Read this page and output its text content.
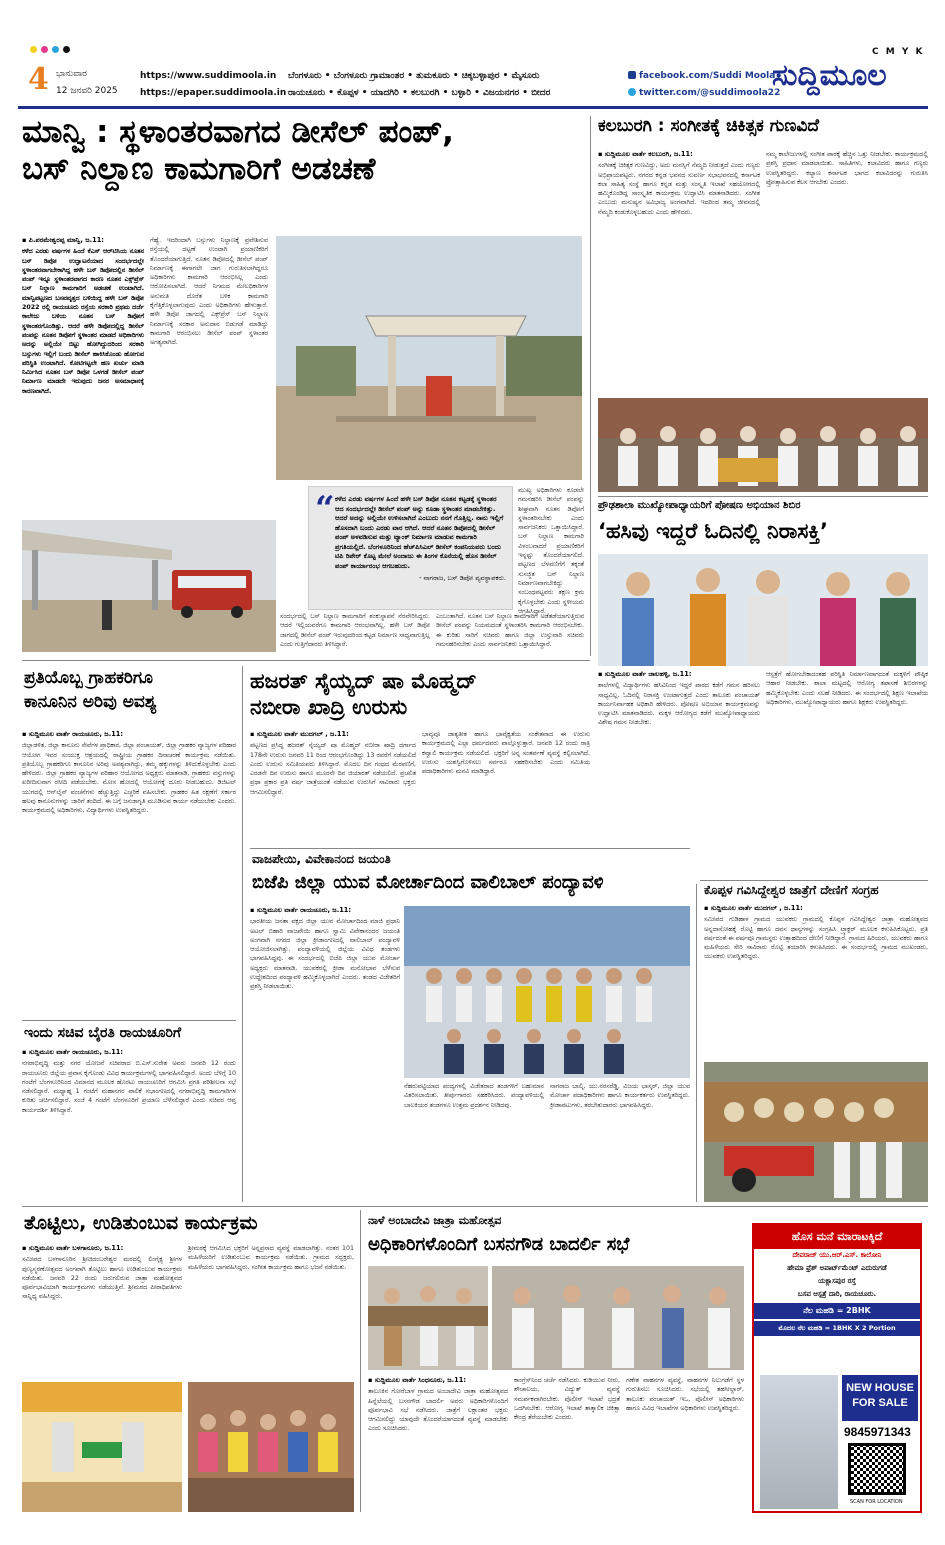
C M Y K
4 ಭಾನುವಾರ
12 ಜನವರಿ 2025
https://www.suddimoola.in
https://epaper.suddimoola.in
ಬೆಂಗಳೂರು • ಬೆಂಗಳೂರು ಗ್ರಾಮಾಂತರ • ತುಮಕೂರು • ಚಿಕ್ಕಬಳ್ಳಾಪುರ • ಮೈಸೂರು
ರಾಯಚೂರು • ಕೊಪ್ಪಳ • ಯಾದಗಿರಿ • ಕಲಬುರಗಿ • ಬಳ್ಳಾರಿ • ವಿಜಯನಗರ • ಬೀದರ
facebook.com/Suddi Moola
twitter.com/@suddimoola22
ಸುದ್ದಿಮೂಲ
ಮಾನ್ವಿ : ಸ್ಥಳಾಂತರವಾಗದ ಡೀಸೆಲ್ ಪಂಪ್,
ಬಸ್ ನಿಲ್ದಾಣ ಕಾಮಗಾರಿಗೆ ಅಡಚಣೆ

▪ ಪಿ.ಪರಮೇಶ್ವರಪ್ಪ ಮಾನ್ವಿ, ಜ.11:

ಕಳೆದ ಎರಡು ವರ್ಷಗಳ ಹಿಂದೆ ಕೆಎಸ್ ಆರ್‌ಟಿಸಿಯ ನೂತನ ಬಸ್ ಡಿಪೋ ಉದ್ಘಾಟನೆಯಾದ ಸಂದರ್ಭದಲ್ಲೇ ಸ್ಥಳಾಂತರವಾಗಬೇಕಾಗಿದ್ದ ಹಳೇ ಬಸ್ ಡಿಪೋದಲ್ಲಿನ ಡೀಸೆಲ್ ಪಂಪ್ ಇನ್ನೂ ಸ್ಥಳಾಂತರವಾಗದ ಕಾರಣ ನೂತನ ಎಕ್ಸ್‌ಪ್ರೆಸ್ ಬಸ್ ನಿಲ್ದಾಣ ಕಾಮಗಾರಿಗೆ ಅಡಚಣೆ ಉಂಟಾಗಿದೆ. ಮಾನ್ವಿಪಟ್ಟಣದ ಬಸವವೃತ್ತದ ಬಳಿಯಿದ್ದ ಹಳೇ ಬಸ್ ಡಿಪೋ 2022 ರಲ್ಲಿ ರಾಯಚೂರು ರಸ್ತೆಯ ಸರಕಾರಿ ಪ್ರಥಮ ದರ್ಜೆ ಕಾಲೇಜು ಬಳಿಯ ನೂತನ ಬಸ್ ಡಿಪೋಗೆ ಸ್ಥಳಾಂತರಗೊಂಡಿತ್ತು. ಆದರೆ ಹಳೇ ಡಿಪೋದಲ್ಲಿದ್ದ ಡೀಸೆಲ್ ಪಂಪನ್ನು ನೂತನ ಡಿಪೋಗೆ ಸ್ಥಳಾಂತರ ಮಾಡದೆ ಅಧಿಕಾರಿಗಳು ಅದನ್ನು ಅಲ್ಲಿಯೇ ಬಿಟ್ಟು ಹೋಗಿದ್ದುದರಿಂದ ಸರಕಾರಿ ಬಸ್ಸುಗಳು ಇಲ್ಲಿಗೆ ಬಂದು ಡೀಸೆಲ್ ಹಾಕಿಸಿಕೊಂಡು ಹೋಗುವ ಪರಿಸ್ಥಿತಿ ಉಂಟಾಗಿದೆ. ಕೋಟಿಗಟ್ಟಲೇ ಹಣ ಖರ್ಚು ಮಾಡಿ ನಿರ್ಮಿಸಿದ ನೂತನ ಬಸ್ ಡಿಪೋ ಒಳಗಡೆ ಡೀಸೆಲ್ ಪಂಪ್ ನಿರ್ಮಾಣ ಮಾಡದೇ ಇರುವುದು ಜನರ ಅಸಮಾಧಾನಕ್ಕೆ ಕಾರಣವಾಗಿದೆ.

ಗೆಹ್ಯೆ. ಇದರಿಂದಾಗಿ ಬಸ್ಸುಗಳು ನಿಲ್ದಾಣಕ್ಕೆ ಪ್ರವೇಶಿಸುವ ರಸ್ತೆಯಲ್ಲಿ ದಟ್ಟಣೆ ಉಂಟಾಗಿ ಪ್ರಯಾಣಿಕರಿಗೆ ತೊಂದರೆಯಾಗುತ್ತಿದೆ. ನೂತನ ಡಿಪೋದಲ್ಲಿ ಡೀಸೆಲ್ ಪಂಪ್ ನಿರ್ಮಾಣಕ್ಕೆ ಈಗಾಗಲೇ ಜಾಗ ಗುರುತಿಸಲಾಗಿದ್ದರೂ ಅಧಿಕಾರಿಗಳು ಕಾಮಗಾರಿ ಆರಂಭಿಸಿಲ್ಲ ಎಂದು ಆರೋಪಿಸಲಾಗಿದೆ. ಆದರೆ ನಿಗಮದ ಮೇಲಧಿಕಾರಿಗಳ ಅನುಮತಿ ದೊರೆತ ಬಳಿಕ ಕಾಮಗಾರಿ ಕೈಗೆತ್ತಿಕೊಳ್ಳಲಾಗುವುದು ಎಂದು ಅಧಿಕಾರಿಗಳು ಹೇಳುತ್ತಾರೆ. ಹಳೇ ಡಿಪೋ ಜಾಗದಲ್ಲಿ ಎಕ್ಸ್‌ಪ್ರೆಸ್ ಬಸ್ ನಿಲ್ದಾಣ ನಿರ್ಮಾಣಕ್ಕೆ ಸರಕಾರ ಅನುದಾನ ಬಿಡುಗಡೆ ಮಾಡಿದ್ದು ಕಾಮಗಾರಿ ಆರಂಭಿಸಲು ಡೀಸೆಲ್ ಪಂಪ್ ಸ್ಥಳಾಂತರ ಅಗತ್ಯವಾಗಿದೆ.

“ ಕಳೆದ ಎರಡು ವರ್ಷಗಳ ಹಿಂದೆ ಹಳೇ ಬಸ್ ಡಿಪೋ ನೂತನ ಕಟ್ಟಡಕ್ಕೆ ಸ್ಥಳಾಂತರ ಆದ ಸಂದರ್ಭದಲ್ಲೇ ಡೀಸೆಲ್ ಪಂಪ್ ಅನ್ನು ಕೂಡಾ ಸ್ಥಳಾಂತರ ಮಾಡಬೇಕಿತ್ತು. ಆದರೆ ಅದನ್ನು ಅಲ್ಲಿಯೇ ಉಳಿಸಲಾಗಿದೆ ಎಂಬುದು ನನಗೆ ಗೊತ್ತಿಲ್ಲ. ನಾನು ಇಲ್ಲಿಗೆ ಹೊಸದಾಗಿ ಬಂದು ಎರಡು ವಾರ ಆಗಿದೆ. ಆದರೆ ನೂತನ ಡಿಪೋದಲ್ಲಿ ಡೀಸೆಲ್ ಪಂಪ್ ಅಳವಡಿಸುವ ಮತ್ತು ಟ್ಯಾಂಕ್ ನಿರ್ಮಾಣ ಮಾಡುವ ಕಾಮಗಾರಿ ಪ್ರಗತಿಯಲ್ಲಿದೆ. ಬೆಂಗಳೂರಿನಿಂದ ಹೆಚ್‌ಪಿಸಿಎಲ್ ಡೀಸೆಲ್ ಕಂಪನಿಯವರು ಬಂದು ಟಿಪಿ ರಿಪೇರ್ ಕೊಟ್ಟ ಮೇಲೆ ಅಂದಾಜು ಈ ತಿಂಗಳ ಕೊನೆಯಲ್ಲಿ ಹೊಸ ಡೀಸೆಲ್ ಪಂಪ್ ಕಾರ್ಯಾರಂಭ ಆಗಬಹುದು.
- ನಾಗರಾಜ, ಬಸ್ ಡಿಪೋ ವ್ಯವಸ್ಥಾಪಕರು.

ಮುಖ್ಯ ಅಧಿಕಾರಿಗಳು ಕೂಡಲೇ ಗಮನಹರಿಸಿ ಡೀಸೆಲ್ ಪಂಪನ್ನು ಶೀಘ್ರವಾಗಿ ನೂತನ ಡಿಪೋಗೆ ಸ್ಥಳಾಂತರಿಸಬೇಕು ಎಂದು ಸಾರ್ವಜನಿಕರು ಒತ್ತಾಯಿಸಿದ್ದಾರೆ. ಬಸ್ ನಿಲ್ದಾಣ ಕಾಮಗಾರಿ ವಿಳಂಬವಾದರೆ ಪ್ರಯಾಣಿಕರಿಗೆ ಇನ್ನಷ್ಟು ತೊಂದರೆಯಾಗಲಿದೆ. ಪಟ್ಟಣದ ಬೆಳವಣಿಗೆಗೆ ತಕ್ಕಂತೆ ಸುಸಜ್ಜಿತ ಬಸ್ ನಿಲ್ದಾಣ ನಿರ್ಮಾಣವಾಗಬೇಕಿದ್ದು ಸಂಬಂಧಪಟ್ಟವರು ತಕ್ಷಣ ಕ್ರಮ ಕೈಗೊಳ್ಳಬೇಕು ಎಂದು ಸ್ಥಳೀಯರು ಆಗ್ರಹಿಸಿದ್ದಾರೆ.

ಸಂದರ್ಭದಲ್ಲಿ ಬಸ್ ನಿಲ್ದಾಣ ಕಾಮಗಾರಿಗೆ ಶಂಕುಸ್ಥಾಪನೆ ನೆರವೇರಿಸಿದ್ದರು. ಆದರೆ ಇಲ್ಲಿಯವರೆಗೂ ಕಾಮಗಾರಿ ಆರಂಭವಾಗಿಲ್ಲ. ಹಳೇ ಬಸ್ ಡಿಪೋ ಜಾಗದಲ್ಲಿ ಡೀಸೆಲ್ ಪಂಪ್ ಇರುವುದರಿಂದ ಕಟ್ಟಡ ನಿರ್ಮಾಣ ಸಾಧ್ಯವಾಗುತ್ತಿಲ್ಲ ಎಂದು ಗುತ್ತಿಗೆದಾರರು ತಿಳಿಸಿದ್ದಾರೆ.

ಎಂಬಂತಾಗಿದೆ. ನೂತನ ಬಸ್ ನಿಲ್ದಾಣ ಕಾಮಗಾರಿಗೆ ಅಡೆತಡೆಯಾಗುತ್ತಿರುವ ಡೀಸೆಲ್ ಪಂಪನ್ನು ನಿಯಮದಂತೆ ಸ್ಥಳಾಂತರಿಸಿ ಕಾಮಗಾರಿ ಆರಂಭಿಸಬೇಕು. ಈ ಕುರಿತು ಸಾರಿಗೆ ಸಚಿವರು ಹಾಗೂ ಜಿಲ್ಲಾ ಉಸ್ತುವಾರಿ ಸಚಿವರು ಗಮನಹರಿಸಬೇಕು ಎಂದು ಸಾರ್ವಜನಿಕರು ಒತ್ತಾಯಿಸಿದ್ದಾರೆ.

ಕಲಬುರಗಿ : ಸಂಗೀತಕ್ಕೆ ಚಿಕಿತ್ಸಕ ಗುಣವಿದೆ

▪ ಸುದ್ದಿಮೂಲ ವಾರ್ತೆ ಕಲಬುರಗಿ, ಜ.11:

ಸಂಗೀತಕ್ಕೆ ಚಿಕಿತ್ಸಕ ಗುಣವಿದ್ದು, ಅದು ಮನಸ್ಸಿಗೆ ನೆಮ್ಮದಿ ನೀಡುತ್ತದೆ ಎಂದು ಗಣ್ಯರು ಅಭಿಪ್ರಾಯಪಟ್ಟರು. ನಗರದ ಕನ್ನಡ ಭವನದ ಸುವರ್ಣ ಸಭಾಭವನದಲ್ಲಿ ಕರ್ನಾಟಕ ಕಲಾ ಸಾಹಿತ್ಯ ಸಂಸ್ಥೆ ಹಾಗೂ ಕನ್ನಡ ಮತ್ತು ಸಂಸ್ಕೃತಿ ಇಲಾಖೆ ಸಹಯೋಗದಲ್ಲಿ ಹಮ್ಮಿಕೊಂಡಿದ್ದ ಸಾಂಸ್ಕೃತಿಕ ಕಾರ್ಯಕ್ರಮ ಉದ್ಘಾಟಿಸಿ ಮಾತನಾಡಿದರು. ಸಂಗೀತ ಎಂಬುದು ಮನುಷ್ಯನ ಅವಿಭಾಜ್ಯ ಅಂಗವಾಗಿದೆ. ಇದರಿಂದ ತಮ್ಮ ಜೀವನದಲ್ಲಿ ನೆಮ್ಮದಿ ಕಂಡುಕೊಳ್ಳಬಹುದು ಎಂದು ಹೇಳಿದರು.

ನಮ್ಮ ಕಾಲೇಜುಗಳಲ್ಲಿ ಸಂಗೀತ ಪಾಠಕ್ಕೆ ಹೆಚ್ಚಿನ ಒತ್ತು ನೀಡಬೇಕು. ಕಾರ್ಯಕ್ರಮದಲ್ಲಿ ಪ್ರಶಸ್ತಿ ಪ್ರಧಾನ ಮಾಡಲಾಯಿತು. ಸಾಹಿತಿಗಳು, ಕಲಾವಿದರು ಹಾಗೂ ಗಣ್ಯರು ಉಪಸ್ಥಿತರಿದ್ದರು. ಕಲ್ಯಾಣ ಕರ್ನಾಟಕ ಭಾಗದ ಕಲಾವಿದರನ್ನು ಗುರುತಿಸಿ ಪ್ರೋತ್ಸಾಹಿಸುವ ಕೆಲಸ ಆಗಬೇಕು ಎಂದರು.

ಪ್ರೌಢಶಾಲಾ ಮುಖ್ಯೋಪಾಧ್ಯಾಯರಿಗೆ ಪೋಷಣ ಅಭಿಯಾನ ಶಿಬಿರ
‘ಹಸಿವು ಇದ್ದರೆ ಓದಿನಲ್ಲಿ ನಿರಾಸಕ್ತಿ’

▪ ಸುದ್ದಿಮೂಲ ವಾರ್ತೆ ಜಾಲಹಳ್ಳಿ, ಜ.11:

ಶಾಲೆಗಳಲ್ಲಿ ವಿದ್ಯಾರ್ಥಿಗಳು ಹಸಿವಿನಿಂದ ಇದ್ದರೆ ಪಾಠದ ಕಡೆಗೆ ಗಮನ ಹರಿಸಲು ಸಾಧ್ಯವಿಲ್ಲ. ಓದಿನಲ್ಲಿ ನಿರಾಸಕ್ತಿ ಉಂಟಾಗುತ್ತದೆ ಎಂದು ತಾಲೂಕು ಪಂಚಾಯತ್ ಕಾರ್ಯನಿರ್ವಾಹಕ ಅಧಿಕಾರಿ ಹೇಳಿದರು. ಪೋಷಣ ಅಭಿಯಾನ ಕಾರ್ಯಕ್ರಮವನ್ನು ಉದ್ಘಾಟಿಸಿ ಮಾತನಾಡಿದರು. ಮಕ್ಕಳ ಆರೋಗ್ಯದ ಕಡೆಗೆ ಮುಖ್ಯೋಪಾಧ್ಯಾಯರು ವಿಶೇಷ ಗಮನ ನೀಡಬೇಕು.

ಆಸ್ಪತ್ರೆಗೆ ಹೋಗಬೇಕಾದಂತಹ ಪರಿಸ್ಥಿತಿ ನಿರ್ಮಾಣವಾಗದಂತೆ ಮಕ್ಕಳಿಗೆ ಪೌಷ್ಠಿಕ ಆಹಾರ ನೀಡಬೇಕು. ಶಾಲಾ ಮಟ್ಟದಲ್ಲಿ ಆರೋಗ್ಯ ತಪಾಸಣೆ ಶಿಬಿರಗಳನ್ನು ಹಮ್ಮಿಕೊಳ್ಳಬೇಕು ಎಂದು ಸಲಹೆ ನೀಡಿದರು. ಈ ಸಂದರ್ಭದಲ್ಲಿ ಶಿಕ್ಷಣ ಇಲಾಖೆಯ ಅಧಿಕಾರಿಗಳು, ಮುಖ್ಯೋಪಾಧ್ಯಾಯರು ಹಾಗೂ ಶಿಕ್ಷಕರು ಉಪಸ್ಥಿತರಿದ್ದರು.

ಪ್ರತಿಯೊಬ್ಬ ಗ್ರಾಹಕರಿಗೂ
ಕಾನೂನಿನ ಅರಿವು ಅವಶ್ಯ

▪ ಸುದ್ದಿಮೂಲ ವಾರ್ತೆ ರಾಯಚೂರು, ಜ.11:

ಜಿಲ್ಲಾಡಳಿತ, ಜಿಲ್ಲಾ ಕಾನೂನು ಸೇವೆಗಳ ಪ್ರಾಧಿಕಾರ, ಜಿಲ್ಲಾ ಪಂಚಾಯತ್, ಜಿಲ್ಲಾ ಗ್ರಾಹಕರ ವ್ಯಾಜ್ಯಗಳ ಪರಿಹಾರ ಆಯೋಗ ಇವರ ಸಂಯುಕ್ತ ಆಶ್ರಯದಲ್ಲಿ ರಾಷ್ಟ್ರೀಯ ಗ್ರಾಹಕರ ದಿನಾಚರಣೆ ಕಾರ್ಯಕ್ರಮ ನಡೆಯಿತು. ಪ್ರತಿಯೊಬ್ಬ ಗ್ರಾಹಕರಿಗೂ ಕಾನೂನಿನ ಅರಿವು ಅವಶ್ಯವಾಗಿದ್ದು, ತಮ್ಮ ಹಕ್ಕುಗಳನ್ನು ತಿಳಿದುಕೊಳ್ಳಬೇಕು ಎಂದು ಹೇಳಿದರು. ಜಿಲ್ಲಾ ಗ್ರಾಹಕರ ವ್ಯಾಜ್ಯಗಳ ಪರಿಹಾರ ಆಯೋಗದ ಅಧ್ಯಕ್ಷರು ಮಾತನಾಡಿ, ಗ್ರಾಹಕರು ವಸ್ತುಗಳನ್ನು ಖರೀದಿಸುವಾಗ ರಸೀದಿ ಪಡೆಯಬೇಕು. ಮೋಸ ಹೋದಲ್ಲಿ ಆಯೋಗಕ್ಕೆ ದೂರು ನೀಡಬಹುದು. ಡಿಜಿಟಲ್ ಯುಗದಲ್ಲಿ ಆನ್‌ಲೈನ್ ವಂಚನೆಗಳು ಹೆಚ್ಚುತ್ತಿದ್ದು ಎಚ್ಚರಿಕೆ ವಹಿಸಬೇಕು. ಗ್ರಾಹಕರ ಹಿತ ರಕ್ಷಣೆಗೆ ಸರ್ಕಾರ ಹಲವು ಕಾನೂನುಗಳನ್ನು ಜಾರಿಗೆ ತಂದಿದೆ. ಈ ಬಗ್ಗೆ ಜನಜಾಗೃತಿ ಮೂಡಿಸುವ ಕಾರ್ಯ ನಡೆಯಬೇಕು ಎಂದರು. ಕಾರ್ಯಕ್ರಮದಲ್ಲಿ ಅಧಿಕಾರಿಗಳು, ವಿದ್ಯಾರ್ಥಿಗಳು ಉಪಸ್ಥಿತರಿದ್ದರು.

ಇಂದು ಸಚಿವ ಬೈರತಿ ರಾಯಚೂರಿಗೆ

▪ ಸುದ್ದಿಮೂಲ ವಾರ್ತೆ ರಾಯಚೂರು, ಜ.11:

ನಗರಾಭಿವೃದ್ಧಿ ಮತ್ತು ನಗರ ಯೋಜನೆ ಸಚಿವರಾದ ಬಿ.ಎಸ್.ಸುರೇಶ ಅವರು ಜನವರಿ 12 ರಂದು ರಾಯಚೂರು ಜಿಲ್ಲೆಯ ಪ್ರವಾಸ ಕೈಗೊಂಡು ವಿವಿಧ ಕಾರ್ಯಕ್ರಮಗಳಲ್ಲಿ ಭಾಗವಹಿಸಲಿದ್ದಾರೆ. ಅಂದು ಬೆಳಿಗ್ಗೆ 10 ಗಂಟೆಗೆ ಬೆಂಗಳೂರಿನಿಂದ ವಿಮಾನದ ಮೂಲಕ ಹೊರಟು ರಾಯಚೂರಿಗೆ ಆಗಮಿಸಿ ಪ್ರಗತಿ ಪರಿಶೀಲನಾ ಸಭೆ ನಡೆಸಲಿದ್ದಾರೆ. ಮಧ್ಯಾಹ್ನ 1 ಗಂಟೆಗೆ ಮಹಾನಗರ ಪಾಲಿಕೆ ಸಭಾಂಗಣದಲ್ಲಿ ನಗರಾಭಿವೃದ್ಧಿ ಕಾಮಗಾರಿಗಳ ಕುರಿತು ಚರ್ಚಿಸಲಿದ್ದಾರೆ. ಸಂಜೆ 4 ಗಂಟೆಗೆ ಬೆಂಗಳೂರಿಗೆ ಪ್ರಯಾಣ ಬೆಳೆಸಲಿದ್ದಾರೆ ಎಂದು ಸಚಿವರ ಆಪ್ತ ಕಾರ್ಯದರ್ಶಿ ತಿಳಿಸಿದ್ದಾರೆ.

ಹಜರತ್ ಸೈಯ್ಯದ್ ಷಾ ಮೊಹ್ಮದ್
ನಬೀರಾ ಖಾದ್ರಿ ಉರುಸು

▪ ಸುದ್ದಿಮೂಲ ವಾರ್ತೆ ಮುದಗಲ್ , ಜ.11:

ಪಟ್ಟಣದ ಪ್ರಸಿದ್ಧ ಹಜರತ್ ಸೈಯ್ಯದ್ ಷಾ ಮೊಹ್ಮದ್ ನಬೀರಾ ಖಾದ್ರಿ ದರ್ಗಾದ 178ನೇ ಉರುಸು ಜನವರಿ 11 ರಿಂದ ಆರಂಭಗೊಂಡಿದ್ದು 13 ರವರೆಗೆ ನಡೆಯಲಿದೆ ಎಂದು ಉರುಸು ಸಮಿತಿಯವರು ತಿಳಿಸಿದ್ದಾರೆ. ಮೊದಲ ದಿನ ಗಂಧದ ಮೆರವಣಿಗೆ, ಎರಡನೇ ದಿನ ಉರುಸು ಹಾಗೂ ಮೂರನೇ ದಿನ ಜಿಯಾರತ್ ನಡೆಯಲಿದೆ. ಪ್ರಚಲಿತ ಪ್ರಥಾ ಪ್ರಕಾರ ಪ್ರತಿ ವರ್ಷ ಜಾತ್ರೆಯಂತೆ ನಡೆಯುವ ಉರುಸಿಗೆ ಸಾವಿರಾರು ಭಕ್ತರು ಆಗಮಿಸಲಿದ್ದಾರೆ.

ಭಾವ್ಯವೂ ಜಾತ್ಯತೀತ ಹಾಗೂ ಭಾವೈಕ್ಯತೆಯ ಸಂಕೇತವಾದ ಈ ಉರುಸು ಕಾರ್ಯಕ್ರಮದಲ್ಲಿ ಎಲ್ಲಾ ಧರ್ಮದವರು ಪಾಲ್ಗೊಳ್ಳುತ್ತಾರೆ. ಜನವರಿ 12 ರಂದು ರಾತ್ರಿ ಕವ್ವಾಲಿ ಕಾರ್ಯಕ್ರಮ ನಡೆಯಲಿದೆ. ಭಕ್ತರಿಗೆ ಅನ್ನ ಸಂತರ್ಪಣೆ ವ್ಯವಸ್ಥೆ ಕಲ್ಪಿಸಲಾಗಿದೆ. ಉರುಸು ಯಶಸ್ವಿಗೊಳಿಸಲು ಸರ್ವರೂ ಸಹಕರಿಸಬೇಕು ಎಂದು ಸಮಿತಿಯ ಪದಾಧಿಕಾರಿಗಳು ಮನವಿ ಮಾಡಿದ್ದಾರೆ.

ವಾಜಪೇಯಿ, ವಿವೇಕಾನಂದ ಜಯಂತಿ
ಬಿಜೆಪಿ ಜಿಲ್ಲಾ ಯುವ ಮೋರ್ಚಾದಿಂದ ವಾಲಿಬಾಲ್ ಪಂದ್ಯಾವಳಿ

▪ ಸುದ್ದಿಮೂಲ ವಾರ್ತೆ ರಾಯಚೂರು, ಜ.11:

ಭಾರತೀಯ ಜನತಾ ಪಕ್ಷದ ಜಿಲ್ಲಾ ಯುವ ಮೋರ್ಚಾದಿಂದ ಮಾಜಿ ಪ್ರಧಾನಿ ಅಟಲ್ ಬಿಹಾರಿ ವಾಜಪೇಯಿ ಹಾಗೂ ಸ್ವಾಮಿ ವಿವೇಕಾನಂದರ ಜಯಂತಿ ಅಂಗವಾಗಿ ನಗರದ ಜಿಲ್ಲಾ ಕ್ರೀಡಾಂಗಣದಲ್ಲಿ ವಾಲಿಬಾಲ್ ಪಂದ್ಯಾವಳಿ ಆಯೋಜಿಸಲಾಗಿತ್ತು. ಪಂದ್ಯಾವಳಿಯಲ್ಲಿ ಜಿಲ್ಲೆಯ ವಿವಿಧ ತಂಡಗಳು ಭಾಗವಹಿಸಿದ್ದವು. ಈ ಸಂದರ್ಭದಲ್ಲಿ ಬಿಜೆಪಿ ಜಿಲ್ಲಾ ಯುವ ಮೋರ್ಚಾ ಅಧ್ಯಕ್ಷರು ಮಾತನಾಡಿ, ಯುವಕರಲ್ಲಿ ಕ್ರೀಡಾ ಮನೋಭಾವ ಬೆಳೆಸುವ ಉದ್ದೇಶದಿಂದ ಪಂದ್ಯಾವಳಿ ಹಮ್ಮಿಕೊಳ್ಳಲಾಗಿದೆ ಎಂದರು. ತಂಡದ ವಿಜೇತರಿಗೆ ಪ್ರಶಸ್ತಿ ನೀಡಲಾಯಿತು.

ನೆಹರುಪಟ್ಟಿಯಾದ ಪಂದ್ಯಗಳಲ್ಲಿ ವಿಜೇತರಾದ ತಂಡಗಳಿಗೆ ಬಹುಮಾನ ವಿತರಿಸಲಾಯಿತು. ತೀರ್ಪುಗಾರರು ಸಹಕರಿಸಿದರು. ಪಂದ್ಯಾವಳಿಯಲ್ಲಿ ಬಾಲಕಿಯರ ತಂಡಗಳೂ ಉತ್ತಮ ಪ್ರದರ್ಶನ ನೀಡಿದವು.

ನಾಗರಾಜ ಬಾಲ್ಕಿ, ಯು.ನರಸರೆಡ್ಡಿ, ವಿಜಯ ಭಾಸ್ಕರ್, ಜಿಲ್ಲಾ ಯುವ ಮೋರ್ಚಾ ಪದಾಧಿಕಾರಿಗಳು ಹಾಗೂ ಕಾರ್ಯಕರ್ತರು ಉಪಸ್ಥಿತರಿದ್ದರು. ಕ್ರೀಡಾಪಟುಗಳು, ತರಬೇತುದಾರರು ಭಾಗವಹಿಸಿದ್ದರು.

ಕೊಪ್ಪಳ ಗವಿಸಿದ್ದೇಶ್ವರ ಜಾತ್ರೆಗೆ ದೇಣಿಗೆ ಸಂಗ್ರಹ

▪ ಸುದ್ದಿಮೂಲ ವಾರ್ತೆ ಮುದಗಲ್ , ಜ.11:

ಸಮೀಪದ ಗುಡಿಹಾಳ ಗ್ರಾಮದ ಯುವಕರು ಗ್ರಾಮದಲ್ಲಿ ಕೊಪ್ಪಳ ಗವಿಸಿದ್ದೇಶ್ವರ ಜಾತ್ರಾ ಮಹೋತ್ಸವದ ಅನ್ನದಾಸೋಹಕ್ಕೆ ರೊಟ್ಟಿ ಹಾಗೂ ದವಸ ಧಾನ್ಯಗಳನ್ನು ಸಂಗ್ರಹಿಸಿ ಟ್ರ್ಯಾಕ್ಟರ್ ಮೂಲಕ ಕಳುಹಿಸಿಕೊಟ್ಟರು. ಪ್ರತಿ ವರ್ಷದಂತೆ ಈ ವರ್ಷವೂ ಗ್ರಾಮಸ್ಥರು ಉತ್ಸಾಹದಿಂದ ದೇಣಿಗೆ ನೀಡಿದ್ದಾರೆ. ಗ್ರಾಮದ ಹಿರಿಯರು, ಯುವಕರು ಹಾಗೂ ಮಹಿಳೆಯರು ಸೇರಿ ಸಾವಿರಾರು ರೊಟ್ಟಿ ತಯಾರಿಸಿ ಕಳುಹಿಸಿದರು. ಈ ಸಂದರ್ಭದಲ್ಲಿ ಗ್ರಾಮದ ಮುಖಂಡರು, ಯುವಕರು ಉಪಸ್ಥಿತರಿದ್ದರು.

ತೊಟ್ಟಿಲು, ಉಡಿತುಂಬುವ ಕಾರ್ಯಕ್ರಮ

▪ ಸುದ್ದಿಮೂಲ ವಾರ್ತೆ ಬಳಗಾನೂರು, ಜ.11:

ಸಮೀಪದ ಬಳಗಾನೂರಿನ ಶ್ರೀಚಿದಂಬರೇಶ್ವರ ಮಠದಲ್ಲಿ ಲಿಂಗೈಕ್ಯ ಶ್ರೀಗಳ ಪುಣ್ಯಸ್ಮರಣೋತ್ಸವದ ಅಂಗವಾಗಿ ತೊಟ್ಟಿಲು ಹಾಗೂ ಉಡಿತುಂಬುವ ಕಾರ್ಯಕ್ರಮ ನಡೆಯಿತು. ಜನವರಿ 22 ರಂದು ಜರುಗಲಿರುವ ಜಾತ್ರಾ ಮಹೋತ್ಸವದ ಪೂರ್ವಭಾವಿಯಾಗಿ ಕಾರ್ಯಕ್ರಮಗಳು ನಡೆಯುತ್ತಿವೆ. ಶ್ರೀಮಠದ ಪೀಠಾಧಿಪತಿಗಳು ಸಾನ್ನಿಧ್ಯ ವಹಿಸಿದ್ದರು.

ಶ್ರೀಮಠಕ್ಕೆ ಆಗಮಿಸಿದ ಭಕ್ತರಿಗೆ ಅನ್ನಪ್ರಸಾದ ವ್ಯವಸ್ಥೆ ಮಾಡಲಾಗಿತ್ತು. ನಂತರ 101 ಮಹಿಳೆಯರಿಗೆ ಉಡಿತುಂಬುವ ಕಾರ್ಯಕ್ರಮ ನಡೆಯಿತು. ಗ್ರಾಮದ ಸದ್ಭಕ್ತರು, ಮಹಿಳೆಯರು ಭಾಗವಹಿಸಿದ್ದರು. ಸಂಗೀತ ಕಾರ್ಯಕ್ರಮ ಹಾಗೂ ಭಜನೆ ನಡೆಯಿತು.

ನಾಳೆ ಅಂಬಾದೇವಿ ಜಾತ್ರಾ ಮಹೋತ್ಸವ
ಅಧಿಕಾರಿಗಳೊಂದಿಗೆ ಬಸನಗೌಡ ಬಾದರ್ಲಿ ಸಭೆ

▪ ಸುದ್ದಿಮೂಲ ವಾರ್ತೆ ಸಿಂಧನೂರು, ಜ.11:

ತಾಲೂಕಿನ ಗೋರೆಬಾಳ ಗ್ರಾಮದ ಅಂಬಾದೇವಿ ಜಾತ್ರಾ ಮಹೋತ್ಸವದ ಹಿನ್ನೆಲೆಯಲ್ಲಿ ಬಸನಗೌಡ ಬಾದರ್ಲಿ ಅವರು ಅಧಿಕಾರಿಗಳೊಂದಿಗೆ ಪೂರ್ವಭಾವಿ ಸಭೆ ನಡೆಸಿದರು. ಜಾತ್ರೆಗೆ ಲಕ್ಷಾಂತರ ಭಕ್ತರು ಆಗಮಿಸಲಿದ್ದು ಯಾವುದೇ ತೊಂದರೆಯಾಗದಂತೆ ವ್ಯವಸ್ಥೆ ಮಾಡಬೇಕು ಎಂದು ಸೂಚಿಸಿದರು.

ಕಾಂಗ್ರೆಸ್‌ನಿಂದ ಚರ್ಚೆ ನಡೆಸಿದರು. ಕುಡಿಯುವ ನೀರು, ಶೌಚಾಲಯ, ವಿದ್ಯುತ್ ವ್ಯವಸ್ಥೆ ಸಮರ್ಪಕವಾಗಿರಬೇಕು. ಪೊಲೀಸ್ ಇಲಾಖೆ ಭದ್ರತೆ ಒದಗಿಸಬೇಕು. ಆರೋಗ್ಯ ಇಲಾಖೆ ತಾತ್ಕಾಲಿಕ ಚಿಕಿತ್ಸಾ ಕೇಂದ್ರ ತೆರೆಯಬೇಕು ಎಂದರು.

ಗಣೇಶ ವಾಹನಗಳ ವ್ಯವಸ್ಥೆ, ವಾಹನಗಳ ನಿಲುಗಡೆಗೆ ಸ್ಥಳ ಗುರುತಿಸಲು ಸೂಚಿಸಿದರು. ಸಭೆಯಲ್ಲಿ ತಹಸೀಲ್ದಾರ್, ತಾಲೂಕು ಪಂಚಾಯತ್ ಇಒ, ಪೊಲೀಸ್ ಅಧಿಕಾರಿಗಳು ಹಾಗೂ ವಿವಿಧ ಇಲಾಖೆಗಳ ಅಧಿಕಾರಿಗಳು ಉಪಸ್ಥಿತರಿದ್ದರು.

ಹೊಸ ಮನೆ ಮಾರಾಟಕ್ಕಿದೆ
ದೇವರಾಜ್ ಯು.ಆರ್.ಎಸ್. ಕಾಲೋನಿ
ಹೇಮಾ ಫ್ರೆಶ್ ಅಪಾರ್ಟ್‌ಮೆಂಟ್ ಎದುರುಗಡೆ
ಯಕ್ಲಾಸಪುರ ರಸ್ತೆ
ಬಸವ ಆಸ್ಪತ್ರೆ ದಾರಿ, ರಾಯಚೂರು.
ನೆಲ ಮಹಡಿ = 2BHK
ಮೊದಲ ನೆಲ ಮಹಡಿ = 1BHK X 2 Portion
NEW HOUSE FOR SALE
9845971343
SCAN FOR LOCATION
